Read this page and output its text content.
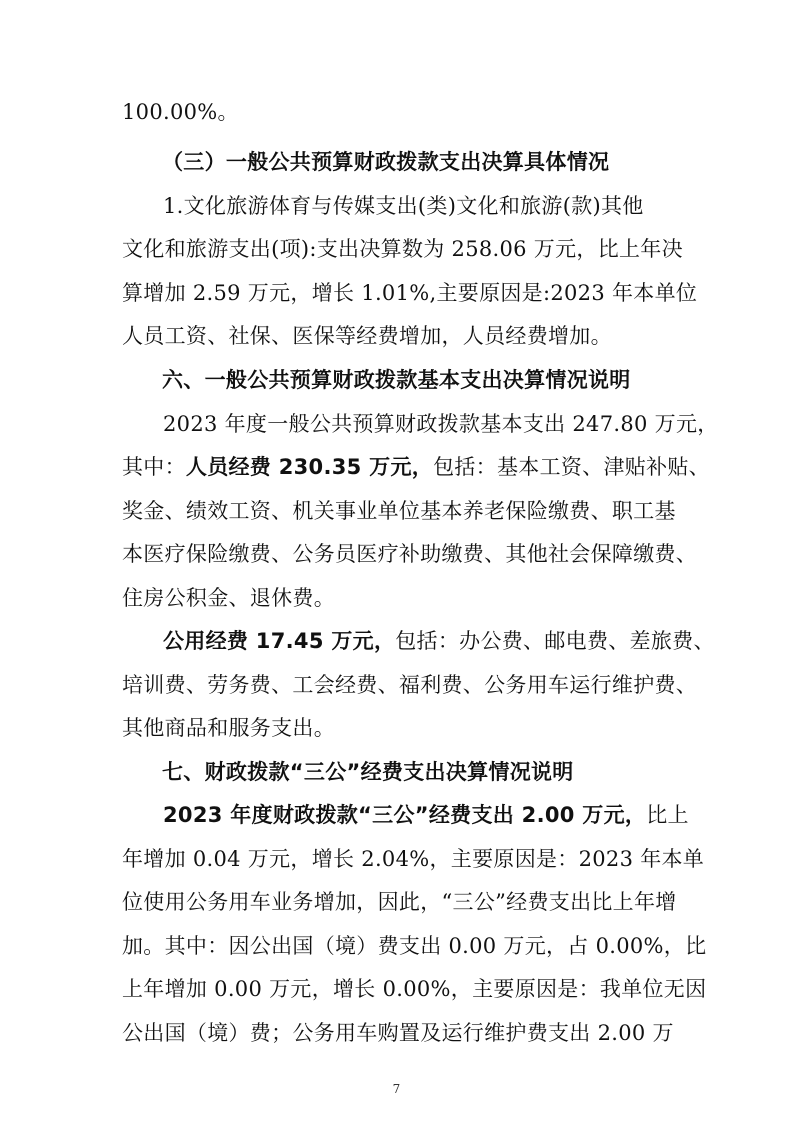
100.00%。
（三）一般公共预算财政拨款支出决算具体情况
1.文化旅游体育与传媒支出(类)文化和旅游(款)其他
文化和旅游支出(项):支出决算数为 258.06 万元，比上年决
算增加 2.59 万元，增长 1.01%,主要原因是:2023 年本单位
人员工资、社保、医保等经费增加，人员经费增加。
六、一般公共预算财政拨款基本支出决算情况说明
2023 年度一般公共预算财政拨款基本支出 247.80 万元，
其中：人员经费 230.35 万元，包括：基本工资、津贴补贴、
奖金、绩效工资、机关事业单位基本养老保险缴费、职工基
本医疗保险缴费、公务员医疗补助缴费、其他社会保障缴费、
住房公积金、退休费。
公用经费 17.45 万元，包括：办公费、邮电费、差旅费、
培训费、劳务费、工会经费、福利费、公务用车运行维护费、
其他商品和服务支出。
七、财政拨款“三公”经费支出决算情况说明
2023 年度财政拨款“三公”经费支出 2.00 万元，比上
年增加 0.04 万元，增长 2.04%，主要原因是：2023 年本单
位使用公务用车业务增加，因此，“三公”经费支出比上年增
加。其中：因公出国（境）费支出 0.00 万元，占 0.00%，比
上年增加 0.00 万元，增长 0.00%，主要原因是：我单位无因
公出国（境）费；公务用车购置及运行维护费支出 2.00 万
7
